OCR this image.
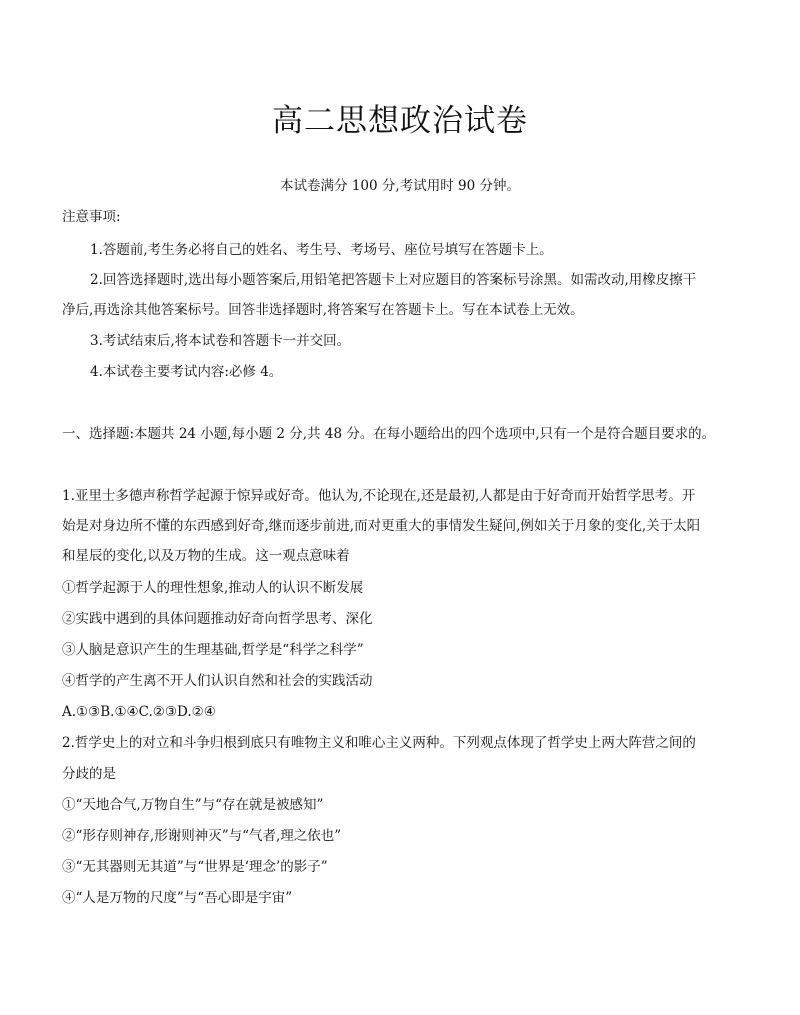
高二思想政治试卷
本试卷满分 100 分,考试用时 90 分钟。
注意事项:
1.答题前,考生务必将自己的姓名、考生号、考场号、座位号填写在答题卡上。
2.回答选择题时,选出每小题答案后,用铅笔把答题卡上对应题目的答案标号涂黑。如需改动,用橡皮擦干
净后,再选涂其他答案标号。回答非选择题时,将答案写在答题卡上。写在本试卷上无效。
3.考试结束后,将本试卷和答题卡一并交回。
4.本试卷主要考试内容:必修 4。
一、选择题:本题共 24 小题,每小题 2 分,共 48 分。在每小题给出的四个选项中,只有一个是符合题目要求的。
1.亚里士多德声称哲学起源于惊异或好奇。他认为,不论现在,还是最初,人都是由于好奇而开始哲学思考。开
始是对身边所不懂的东西感到好奇,继而逐步前进,而对更重大的事情发生疑问,例如关于月象的变化,关于太阳
和星辰的变化,以及万物的生成。这一观点意味着
①哲学起源于人的理性想象,推动人的认识不断发展
②实践中遇到的具体问题推动好奇向哲学思考、深化
③人脑是意识产生的生理基础,哲学是“科学之科学”
④哲学的产生离不开人们认识自然和社会的实践活动
A.①③B.①④C.②③D.②④
2.哲学史上的对立和斗争归根到底只有唯物主义和唯心主义两种。下列观点体现了哲学史上两大阵营之间的
分歧的是
①“天地合气,万物自生”与“存在就是被感知”
②“形存则神存,形谢则神灭”与“气者,理之依也”
③“无其器则无其道”与“世界是‘理念’的影子”
④“人是万物的尺度”与“吾心即是宇宙”
